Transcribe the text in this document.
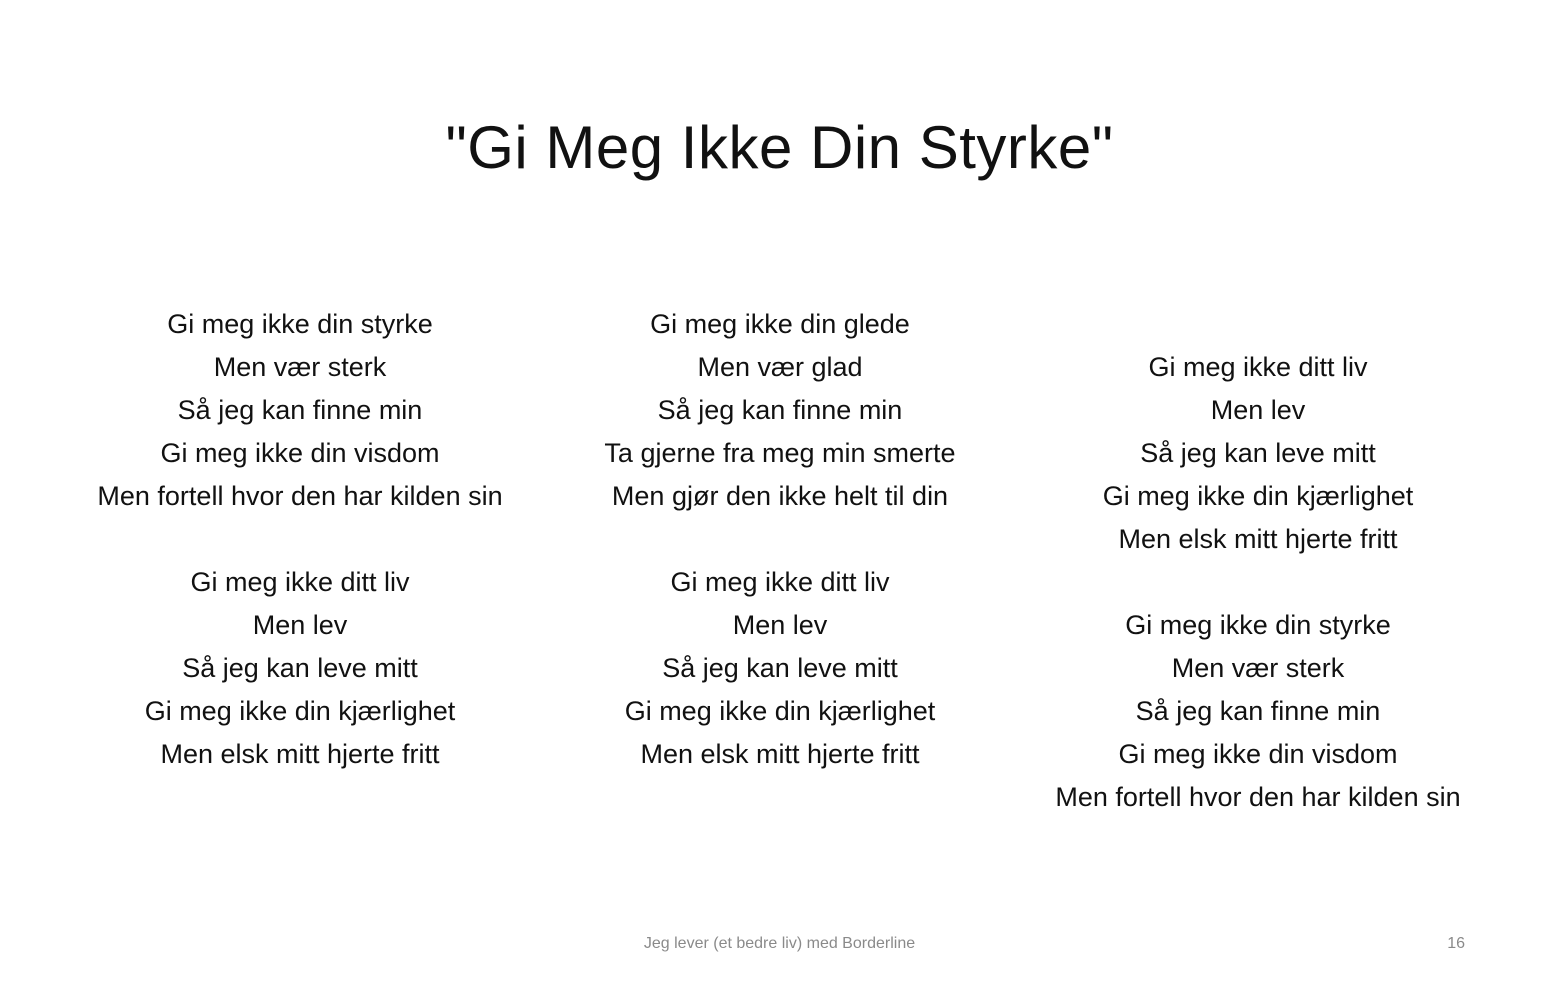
"Gi Meg Ikke Din Styrke"
Gi meg ikke din styrke
Men vær sterk
Så jeg kan finne min
Gi meg ikke din visdom
Men fortell hvor den har kilden sin
Gi meg ikke ditt liv
Men lev
Så jeg kan leve mitt
Gi meg ikke din kjærlighet
Men elsk mitt hjerte fritt
Gi meg ikke din glede
Men vær glad
Så jeg kan finne min
Ta gjerne fra meg min smerte
Men gjør den ikke helt til din
Gi meg ikke ditt liv
Men lev
Så jeg kan leve mitt
Gi meg ikke din kjærlighet
Men elsk mitt hjerte fritt
Gi meg ikke ditt liv
Men lev
Så jeg kan leve mitt
Gi meg ikke din kjærlighet
Men elsk mitt hjerte fritt
Gi meg ikke din styrke
Men vær sterk
Så jeg kan finne min
Gi meg ikke din visdom
Men fortell hvor den har kilden sin
Jeg lever (et bedre liv) med Borderline	16
